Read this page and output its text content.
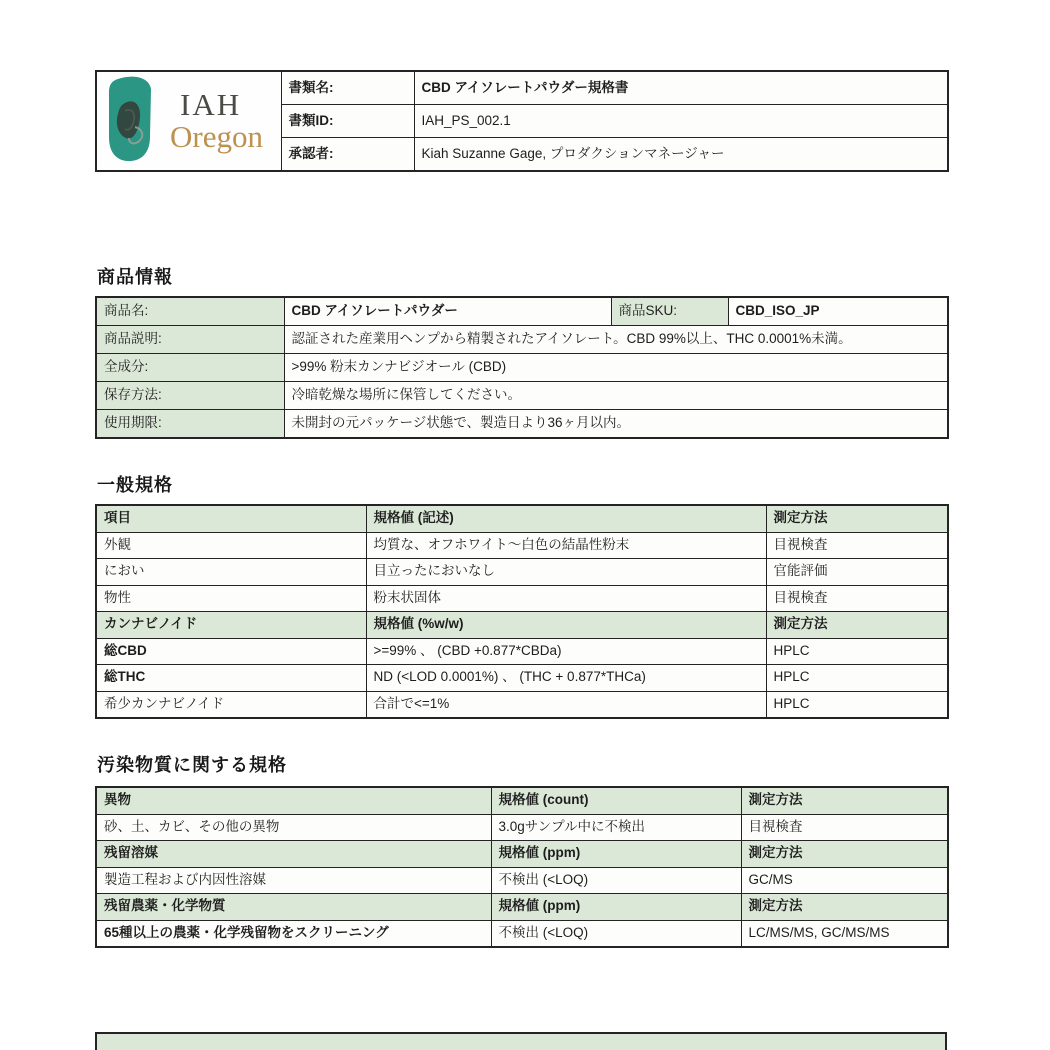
IAH
Oregon	書類名:	CBD アイソレートパウダー規格書
	書類ID:	IAH_PS_002.1
	承認者:	Kiah Suzanne Gage, プロダクションマネージャー
商品情報
商品名:	CBD アイソレートパウダー	商品SKU:	CBD_ISO_JP
商品説明:	認証された産業用ヘンプから精製されたアイソレート。CBD 99%以上、THC 0.0001%未満。		
全成分:	>99% 粉末カンナビジオール (CBD)		
保存方法:	冷暗乾燥な場所に保管してください。		
使用期限:	未開封の元パッケージ状態で、製造日より36ヶ月以内。		
一般規格
項目	規格値 (記述)	測定方法
外観	均質な、オフホワイト〜白色の結晶性粉末	目視検査
におい	目立ったにおいなし	官能評価
物性	粉末状固体	目視検査
カンナビノイド	規格値 (%w/w)	測定方法
総CBD	>=99% 、 (CBD +0.877*CBDa)	HPLC
総THC	ND (<LOD 0.0001%) 、 (THC + 0.877*THCa)	HPLC
希少カンナビノイド	合計で<=1%	HPLC
汚染物質に関する規格
異物	規格値 (count)	測定方法
砂、土、カビ、その他の異物	3.0gサンプル中に不検出	目視検査
残留溶媒	規格値 (ppm)	測定方法
製造工程および内因性溶媒	不検出 (<LOQ)	GC/MS
残留農薬・化学物質	規格値 (ppm)	測定方法
65種以上の農薬・化学残留物をスクリーニング	不検出 (<LOQ)	LC/MS/MS, GC/MS/MS
